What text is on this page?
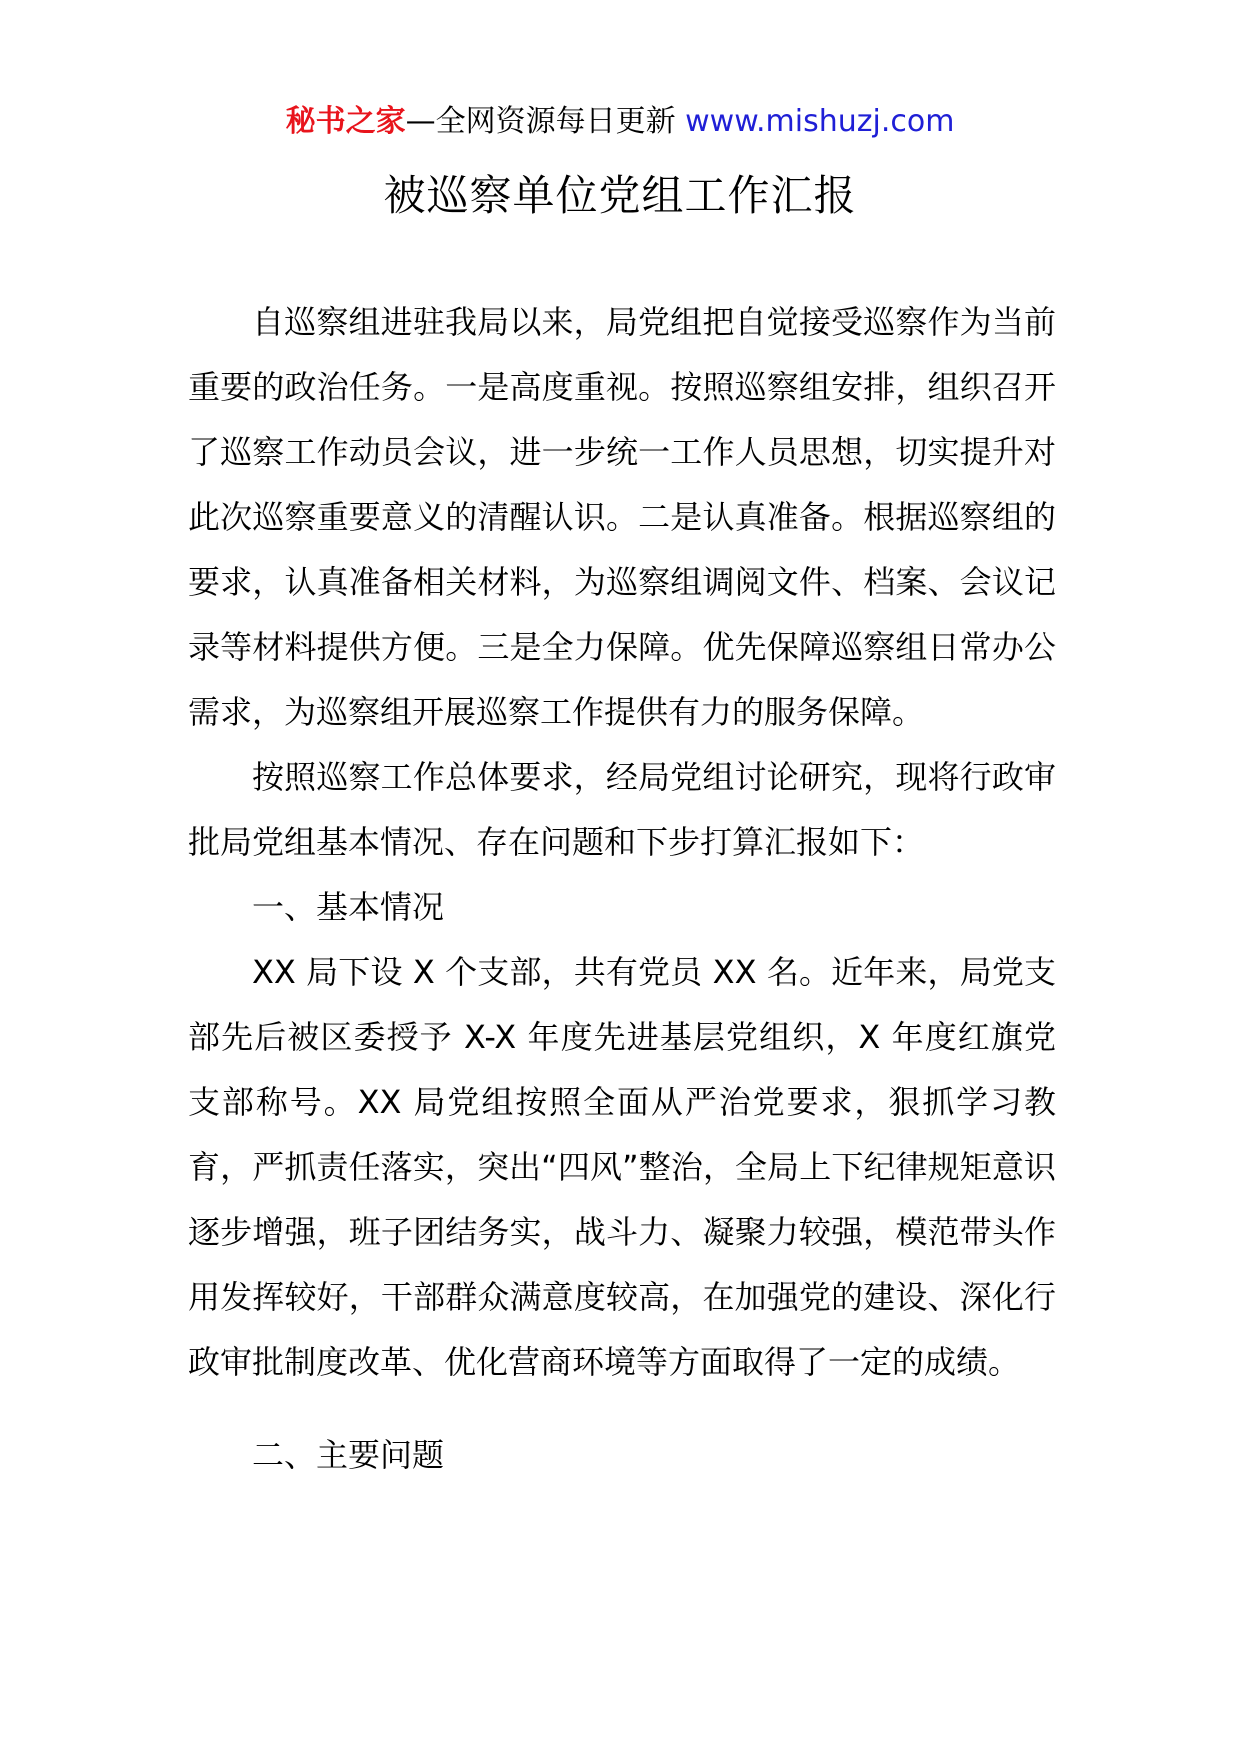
秘书之家—全网资源每日更新 www.mishuzj.com
被巡察单位党组工作汇报

自巡察组进驻我局以来，局党组把自觉接受巡察作为当前重要的政治任务。一是高度重视。按照巡察组安排，组织召开了巡察工作动员会议，进一步统一工作人员思想，切实提升对此次巡察重要意义的清醒认识。二是认真准备。根据巡察组的要求，认真准备相关材料，为巡察组调阅文件、档案、会议记录等材料提供方便。三是全力保障。优先保障巡察组日常办公需求，为巡察组开展巡察工作提供有力的服务保障。

按照巡察工作总体要求，经局党组讨论研究，现将行政审批局党组基本情况、存在问题和下步打算汇报如下：

一、基本情况

XX 局下设 X 个支部，共有党员 XX 名。近年来，局党支部先后被区委授予 X-X 年度先进基层党组织，X 年度红旗党支部称号。XX 局党组按照全面从严治党要求，狠抓学习教育，严抓责任落实，突出“四风”整治，全局上下纪律规矩意识逐步增强，班子团结务实，战斗力、凝聚力较强，模范带头作用发挥较好，干部群众满意度较高，在加强党的建设、深化行政审批制度改革、优化营商环境等方面取得了一定的成绩。

二、主要问题
